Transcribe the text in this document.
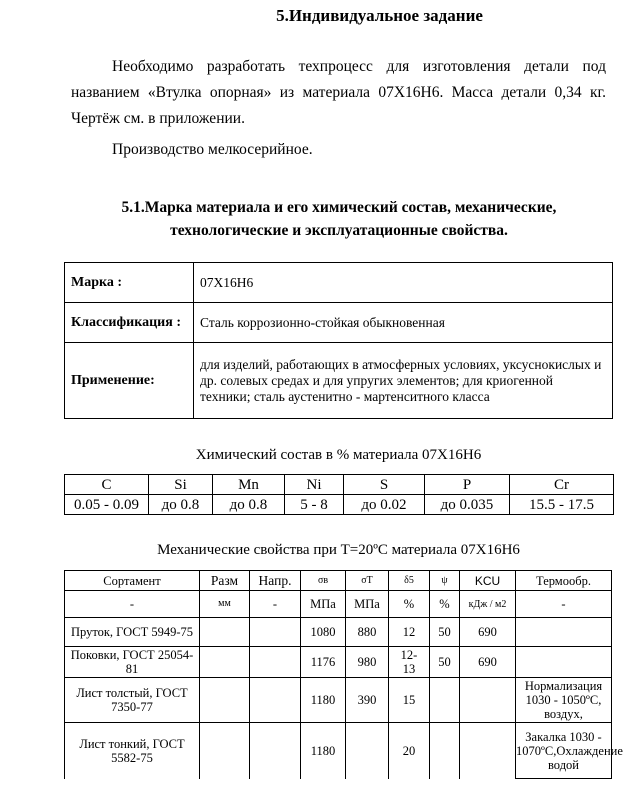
5.Индивидуальное задание
Необходимо разработать техпроцесс для изготовления детали под названием «Втулка опорная» из материала 07Х16Н6. Масса детали 0,34 кг. Чертёж см. в приложении.
Производство мелкосерийное.
5.1.Марка материала и его химический состав, механические, технологические и эксплуатационные свойства.
Марка :	07Х16Н6
Классификация :	Сталь коррозионно-стойкая обыкновенная
Применение:	для изделий, работающих в атмосферных условиях, уксуснокислых и др. солевых средах и для упругих элементов; для криогенной техники; сталь аустенитно - мартенситного класса
Химический состав в % материала 07Х16Н6
C	Si	Mn	Ni	S	P	Cr
0.05 - 0.09	до 0.8	до 0.8	5 - 8	до 0.02	до 0.035	15.5 - 17.5
Механические свойства при Т=20ºС материала 07Х16Н6
Сортамент	Разм	Напр.	σв	σT	δ5	ψ	KCU	Термообр.
-	мм	-	МПа	МПа	%	%	кДж / м2	-
Пруток, ГОСТ 5949-75			1080	880	12	50	690	
Поковки, ГОСТ 25054-81			1176	980	12-13	50	690	
Лист толстый, ГОСТ 7350-77			1180	390	15			Нормализация 1030 - 1050ºС, воздух,
Лист тонкий, ГОСТ 5582-75			1180		20			Закалка 1030 - 1070ºС,Охлаждение водой
